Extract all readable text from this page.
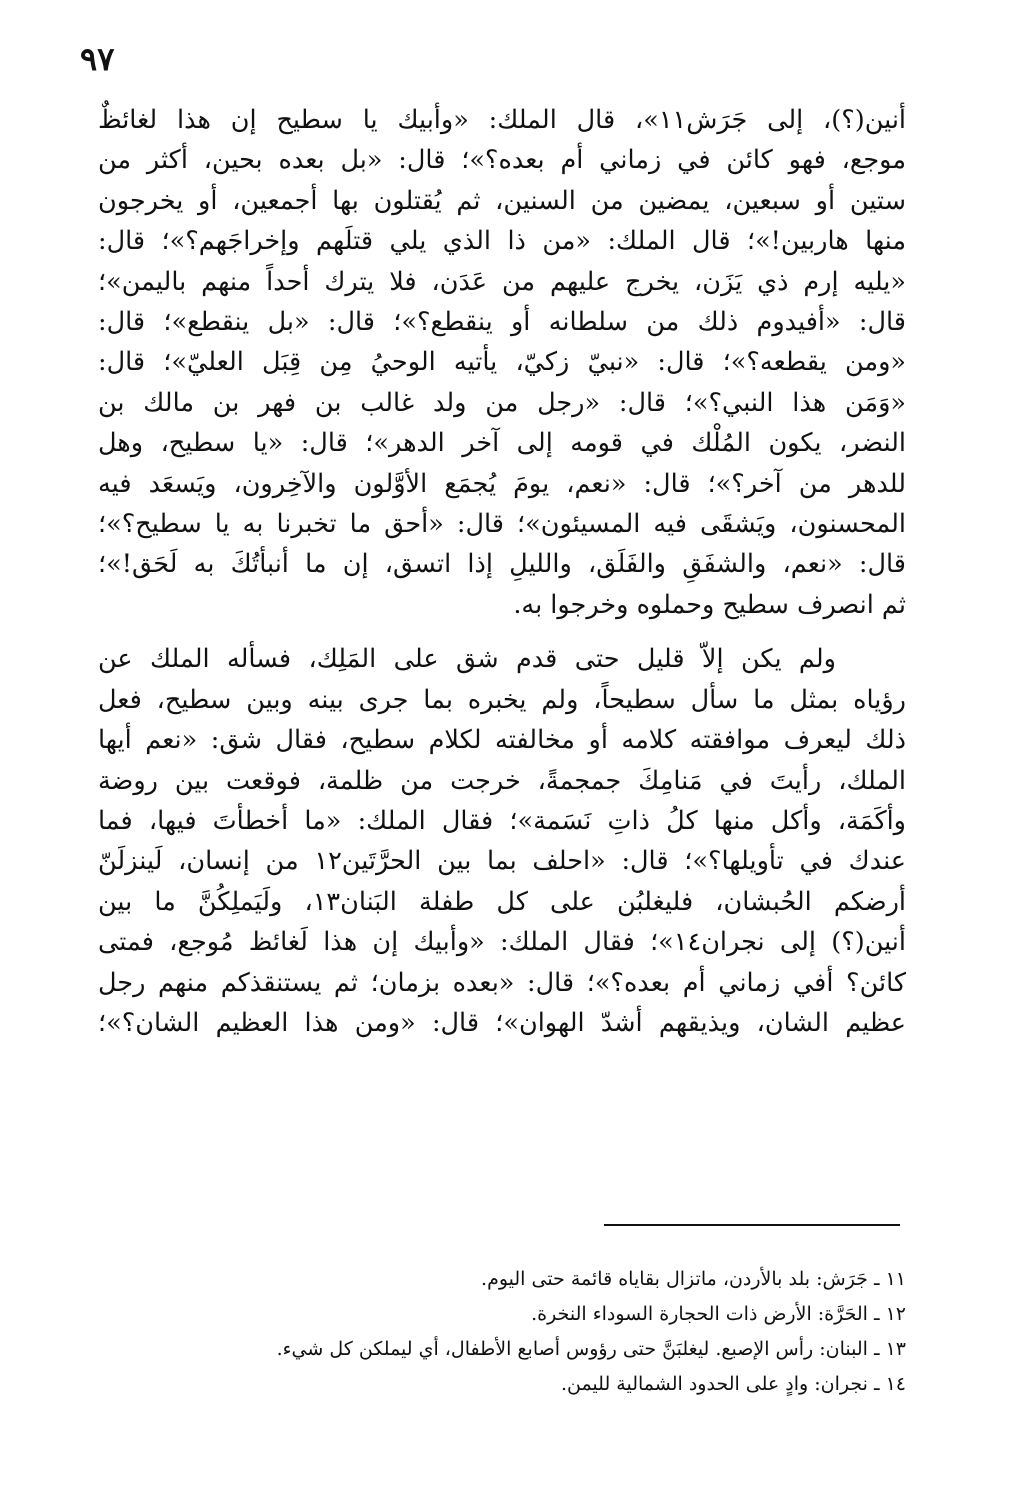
٩٧

أنين(؟)، إلى جَرَش١١»، قال الملك: «وأبيك يا سطيح إن هذا لغائظٌ
موجع، فهو كائن في زماني أم بعده؟»؛ قال: «بل بعده بحين، أكثر من
ستين أو سبعين، يمضين من السنين، ثم يُقتلون بها أجمعين، أو يخرجون
منها هاربين!»؛ قال الملك: «من ذا الذي يلي قتلَهم وإخراجَهم؟»؛ قال:
«يليه إرم ذي يَزَن، يخرج عليهم من عَدَن، فلا يترك أحداً منهم باليمن»؛
قال: «أفيدوم ذلك من سلطانه أو ينقطع؟»؛ قال: «بل ينقطع»؛ قال:
«ومن يقطعه؟»؛ قال: «نبيّ زكيّ، يأتيه الوحيُ مِن قِبَل العليّ»؛ قال:
«وَمَن هذا النبي؟»؛ قال: «رجل من ولد غالب بن فهر بن مالك بن
النضر، يكون المُلْك في قومه إلى آخر الدهر»؛ قال: «يا سطيح، وهل
للدهر من آخر؟»؛ قال: «نعم، يومَ يُجمَع الأوَّلون والآخِرون، ويَسعَد فيه
المحسنون، ويَشقَى فيه المسيئون»؛ قال: «أحق ما تخبرنا به يا سطيح؟»؛
قال: «نعم، والشفَقِ والفَلَق، والليلِ إذا اتسق، إن ما أنبأتُكَ به لَحَق!»؛
ثم انصرف سطيح وحملوه وخرجوا به.

ولم يكن إلاّ قليل حتى قدم شق على المَلِك، فسأله الملك عن
رؤياه بمثل ما سأل سطيحاً، ولم يخبره بما جرى بينه وبين سطيح، فعل
ذلك ليعرف موافقته كلامه أو مخالفته لكلام سطيح، فقال شق: «نعم أيها
الملك، رأيتَ في مَنامِكَ جمجمةً، خرجت من ظلمة، فوقعت بين روضة
وأكَمَة، وأكل منها كلُ ذاتِ نَسَمة»؛ فقال الملك: «ما أخطأتَ فيها، فما
عندك في تأويلها؟»؛ قال: «احلف بما بين الحرَّتَين١٢ من إنسان، لَينزلَنّ
أرضكم الحُبشان، فليغلبُن على كل طفلة البَنان١٣، ولَيَملِكُنَّ ما بين
أنين(؟) إلى نجران١٤»؛ فقال الملك: «وأبيك إن هذا لَغائظ مُوجع، فمتى
كائن؟ أفي زماني أم بعده؟»؛ قال: «بعده بزمان؛ ثم يستنقذكم منهم رجل
عظيم الشان، ويذيقهم أشدّ الهوان»؛ قال: «ومن هذا العظيم الشان؟»؛

١١ ـ جَرَش: بلد بالأردن، ماتزال بقاياه قائمة حتى اليوم.
١٢ ـ الحَرَّة: الأرض ذات الحجارة السوداء النخرة.
١٣ ـ البنان: رأس الإصبع. ليغلبَنَّ حتى رؤوس أصابع الأطفال، أي ليملكن كل شيء.
١٤ ـ نجران: وادٍ على الحدود الشمالية لليمن.
